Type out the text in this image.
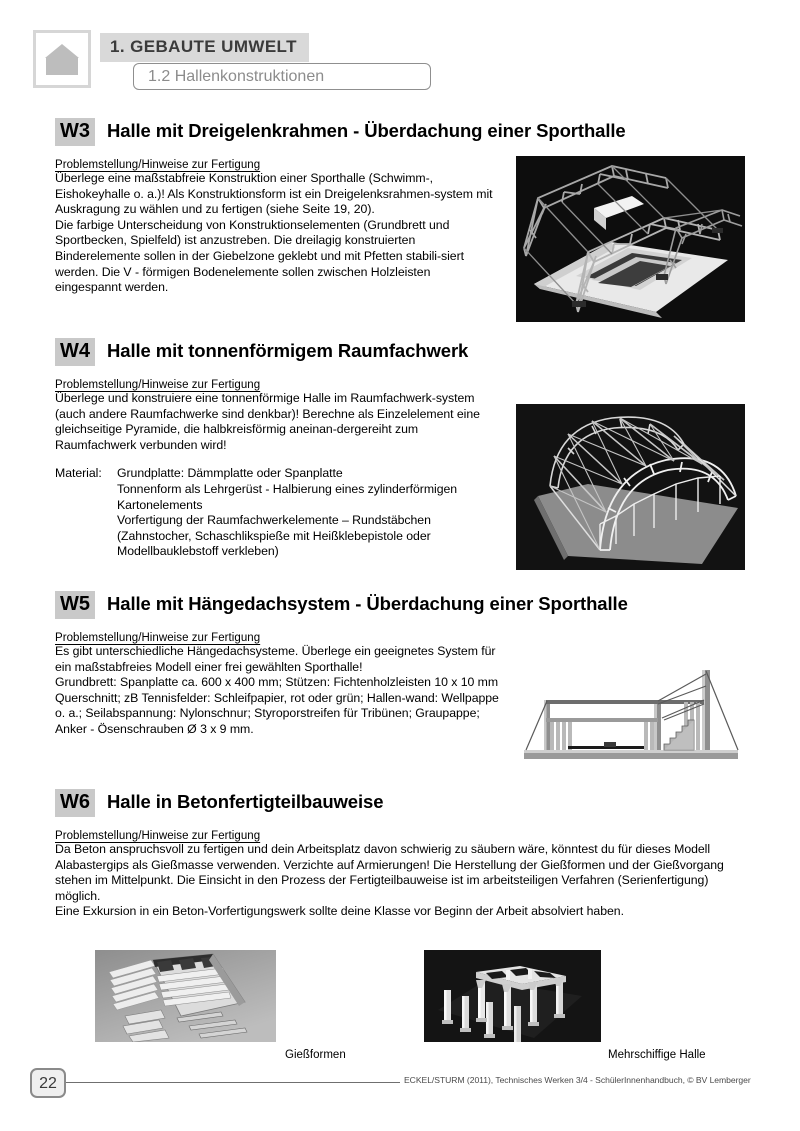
1. GEBAUTE UMWELT
1.2 Hallenkonstruktionen
W3 Halle mit Dreigelenkrahmen - Überdachung einer Sporthalle
Problemstellung/Hinweise zur Fertigung

Überlege eine maßstabfreie Konstruktion einer Sporthalle (Schwimm-, Eishokeyhalle o. a.)! Als Konstruktionsform ist ein Dreigelenksrahmen-system mit Auskragung zu wählen und zu fertigen (siehe Seite 19, 20).

Die farbige Unterscheidung von Konstruktionselementen (Grundbrett und Sportbecken, Spielfeld) ist anzustreben. Die dreilagig konstruierten Binderelemente sollen in der Giebelzone geklebt und mit Pfetten stabili-siert werden. Die V - förmigen Bodenelemente sollen zwischen Holzleisten eingespannt werden.

W4 Halle mit tonnenförmigem Raumfachwerk
Problemstellung/Hinweise zur Fertigung

Überlege und konstruiere eine tonnenförmige Halle im Raumfachwerk-system (auch andere Raumfachwerke sind denkbar)! Berechne als Einzelelement eine gleichseitige Pyramide, die halbkreisförmig aneinan-dergereiht zum Raumfachwerk verbunden wird!

Material:	Grundplatte: Dämmplatte oder Spanplatte
Tonnenform als Lehrgerüst - Halbierung eines zylinderförmigen
Kartonelements
Vorfertigung der Raumfachwerkelemente – Rundstäbchen
(Zahnstocher, Schaschlikspieße mit Heißklebepistole oder
Modellbauklebstoff verkleben)
W5 Halle mit Hängedachsystem - Überdachung einer Sporthalle
Problemstellung/Hinweise zur Fertigung

Es gibt unterschiedliche Hängedachsysteme. Überlege ein geeignetes System für ein maßstabfreies Modell einer frei gewählten Sporthalle!

Grundbrett: Spanplatte ca. 600 x 400 mm; Stützen: Fichtenholzleisten 10 x 10 mm Querschnitt; zB Tennisfelder: Schleifpapier, rot oder grün; Hallen-wand: Wellpappe o. a.; Seilabspannung: Nylonschnur; Styroporstreifen für Tribünen; Graupappe; Anker - Ösenschrauben Ø 3 x 9 mm.

W6 Halle in Betonfertigteilbauweise
Problemstellung/Hinweise zur Fertigung

Da Beton anspruchsvoll zu fertigen und dein Arbeitsplatz davon schwierig zu säubern wäre, könntest du für dieses Modell Alabastergips als Gießmasse verwenden. Verzichte auf Armierungen! Die Herstellung der Gießformen und der Gießvorgang stehen im Mittelpunkt. Die Einsicht in den Prozess der Fertigteilbauweise ist im arbeitsteiligen Verfahren (Serienfertigung) möglich.

Eine Exkursion in ein Beton-Vorfertigungswerk sollte deine Klasse vor Beginn der Arbeit absolviert haben.

Gießformen	Mehrschiffige Halle
22	ECKEL/STURM (2011), Technisches Werken 3/4 - SchülerInnenhandbuch, © BV Lemberger
